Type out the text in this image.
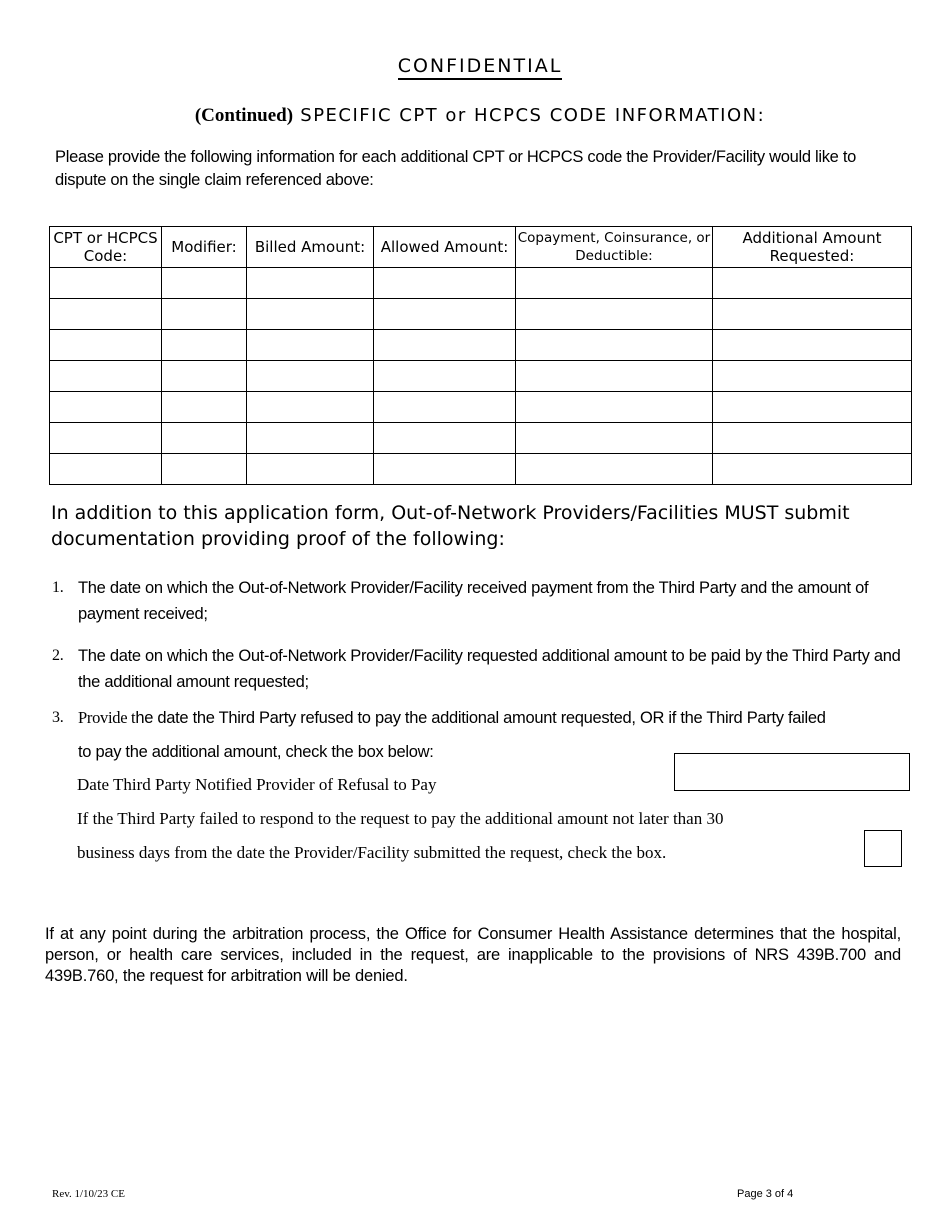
CONFIDENTIAL
(Continued) SPECIFIC CPT or HCPCS CODE INFORMATION:
Please provide the following information for each additional CPT or HCPCS code the Provider/Facility would like to dispute on the single claim referenced above:
CPT or HCPCS Code:	Modifier:	Billed Amount:	Allowed Amount:	Copayment, Coinsurance, or Deductible:	Additional Amount Requested:

In addition to this application form, Out-of-Network Providers/Facilities MUST submit documentation providing proof of the following:
1. The date on which the Out-of-Network Provider/Facility received payment from the Third Party and the amount of payment received;
2. The date on which the Out-of-Network Provider/Facility requested additional amount to be paid by the Third Party and the additional amount requested;
3. Provide the date the Third Party refused to pay the additional amount requested, OR if the Third Party failed
to pay the additional amount, check the box below:
Date Third Party Notified Provider of Refusal to Pay
If the Third Party failed to respond to the request to pay the additional amount not later than 30
business days from the date the Provider/Facility submitted the request, check the box.
If at any point during the arbitration process, the Office for Consumer Health Assistance determines that the hospital, person, or health care services, included in the request, are inapplicable to the provisions of NRS 439B.700 and 439B.760, the request for arbitration will be denied.
Rev. 1/10/23 CE	Page 3 of 4
